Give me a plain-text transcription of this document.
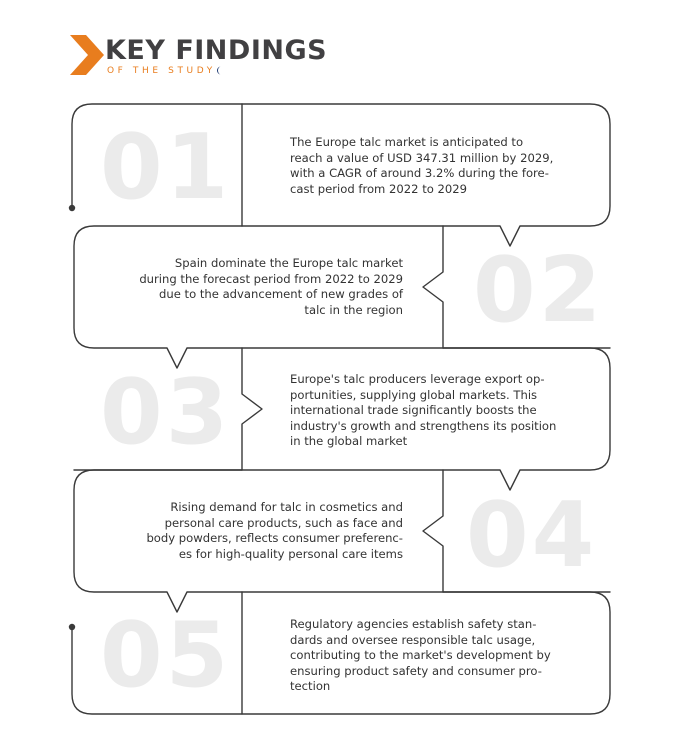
KEY FINDINGS
OF THE STUDY
01	The Europe talc market is anticipated to
reach a value of USD 347.31 million by 2029,
with a CAGR of around 3.2% during the fore-
cast period from 2022 to 2029

02

Spain dominate the Europe talc market
during the forecast period from 2022 to 2029
due to the advancement of new grades of
talc in the region

03	Europe's talc producers leverage export op-
portunities, supplying global markets. This
international trade significantly boosts the
industry's growth and strengthens its position
in the global market

04

Rising demand for talc in cosmetics and
personal care products, such as face and
body powders, reflects consumer preferenc-
es for high-quality personal care items

05	Regulatory agencies establish safety stan-
dards and oversee responsible talc usage,
contributing to the market's development by
ensuring product safety and consumer pro-
tection
